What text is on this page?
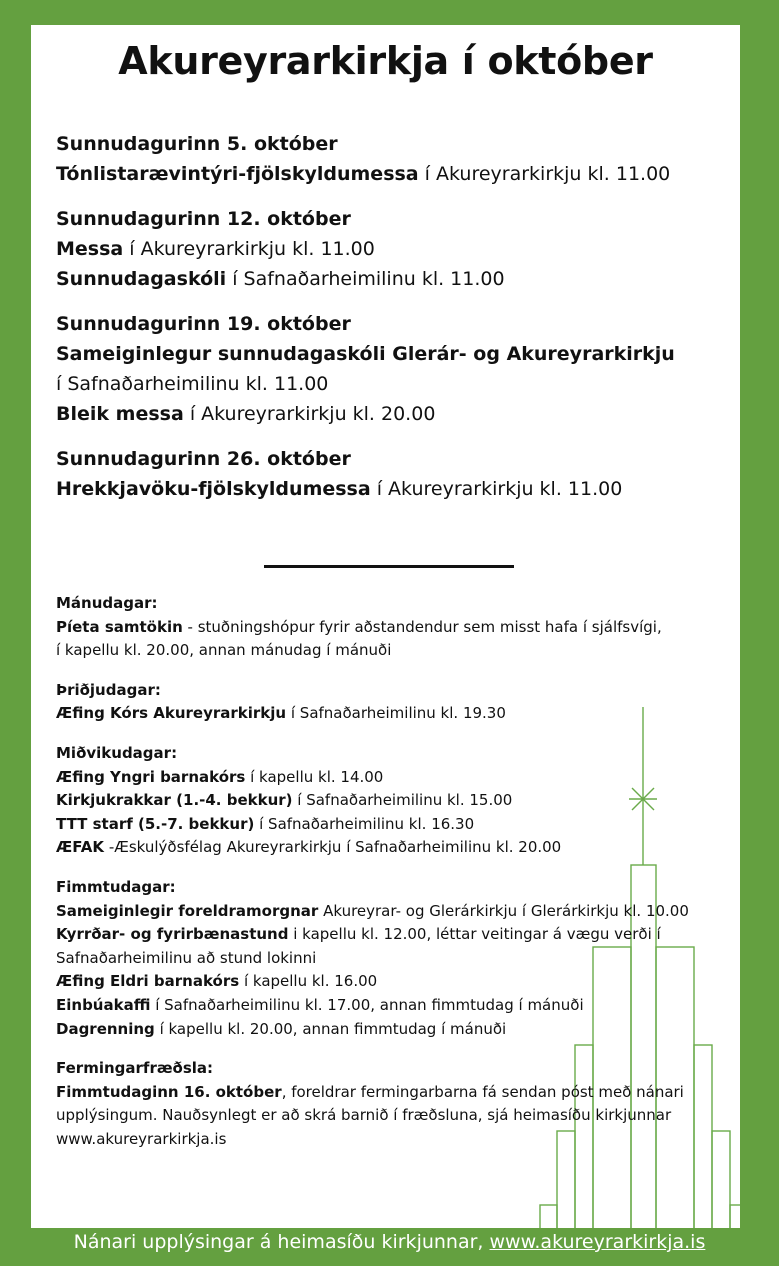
Akureyrarkirkja í október
Sunnudagurinn 5. október
Tónlistarævintýri-fjölskyldumessa í Akureyrarkirkju kl. 11.00
Sunnudagurinn 12. október
Messa í Akureyrarkirkju kl. 11.00
Sunnudagaskóli í Safnaðarheimilinu kl. 11.00
Sunnudagurinn 19. október
Sameiginlegur sunnudagaskóli Glerár- og Akureyrarkirkju
í Safnaðarheimilinu kl. 11.00
Bleik messa í Akureyrarkirkju kl. 20.00
Sunnudagurinn 26. október
Hrekkjavöku-fjölskyldumessa í Akureyrarkirkju kl. 11.00
Mánudagar:
Píeta samtökin - stuðningshópur fyrir aðstandendur sem misst hafa í sjálfsvígi,
í kapellu kl. 20.00, annan mánudag í mánuði
Þriðjudagar:
Æfing Kórs Akureyrarkirkju í Safnaðarheimilinu kl. 19.30
Miðvikudagar:
Æfing Yngri barnakórs í kapellu kl. 14.00
Kirkjukrakkar (1.-4. bekkur) í Safnaðarheimilinu kl. 15.00
TTT starf (5.-7. bekkur) í Safnaðarheimilinu kl. 16.30
ÆFAK -Æskulýðsfélag Akureyrarkirkju í Safnaðarheimilinu kl. 20.00
Fimmtudagar:
Sameiginlegir foreldramorgnar Akureyrar- og Glerárkirkju í Glerárkirkju kl. 10.00
Kyrrðar- og fyrirbænastund i kapellu kl. 12.00, léttar veitingar á vægu verði í
Safnaðarheimilinu að stund lokinni
Æfing Eldri barnakórs í kapellu kl. 16.00
Einbúakaffi í Safnaðarheimilinu kl. 17.00, annan fimmtudag í mánuði
Dagrenning í kapellu kl. 20.00, annan fimmtudag í mánuði
Fermingarfræðsla:
Fimmtudaginn 16. október, foreldrar fermingarbarna fá sendan póst með nánari
upplýsingum. Nauðsynlegt er að skrá barnið í fræðsluna, sjá heimasíðu kirkjunnar
www.akureyrarkirkja.is
Nánari upplýsingar á heimasíðu kirkjunnar, www.akureyrarkirkja.is
